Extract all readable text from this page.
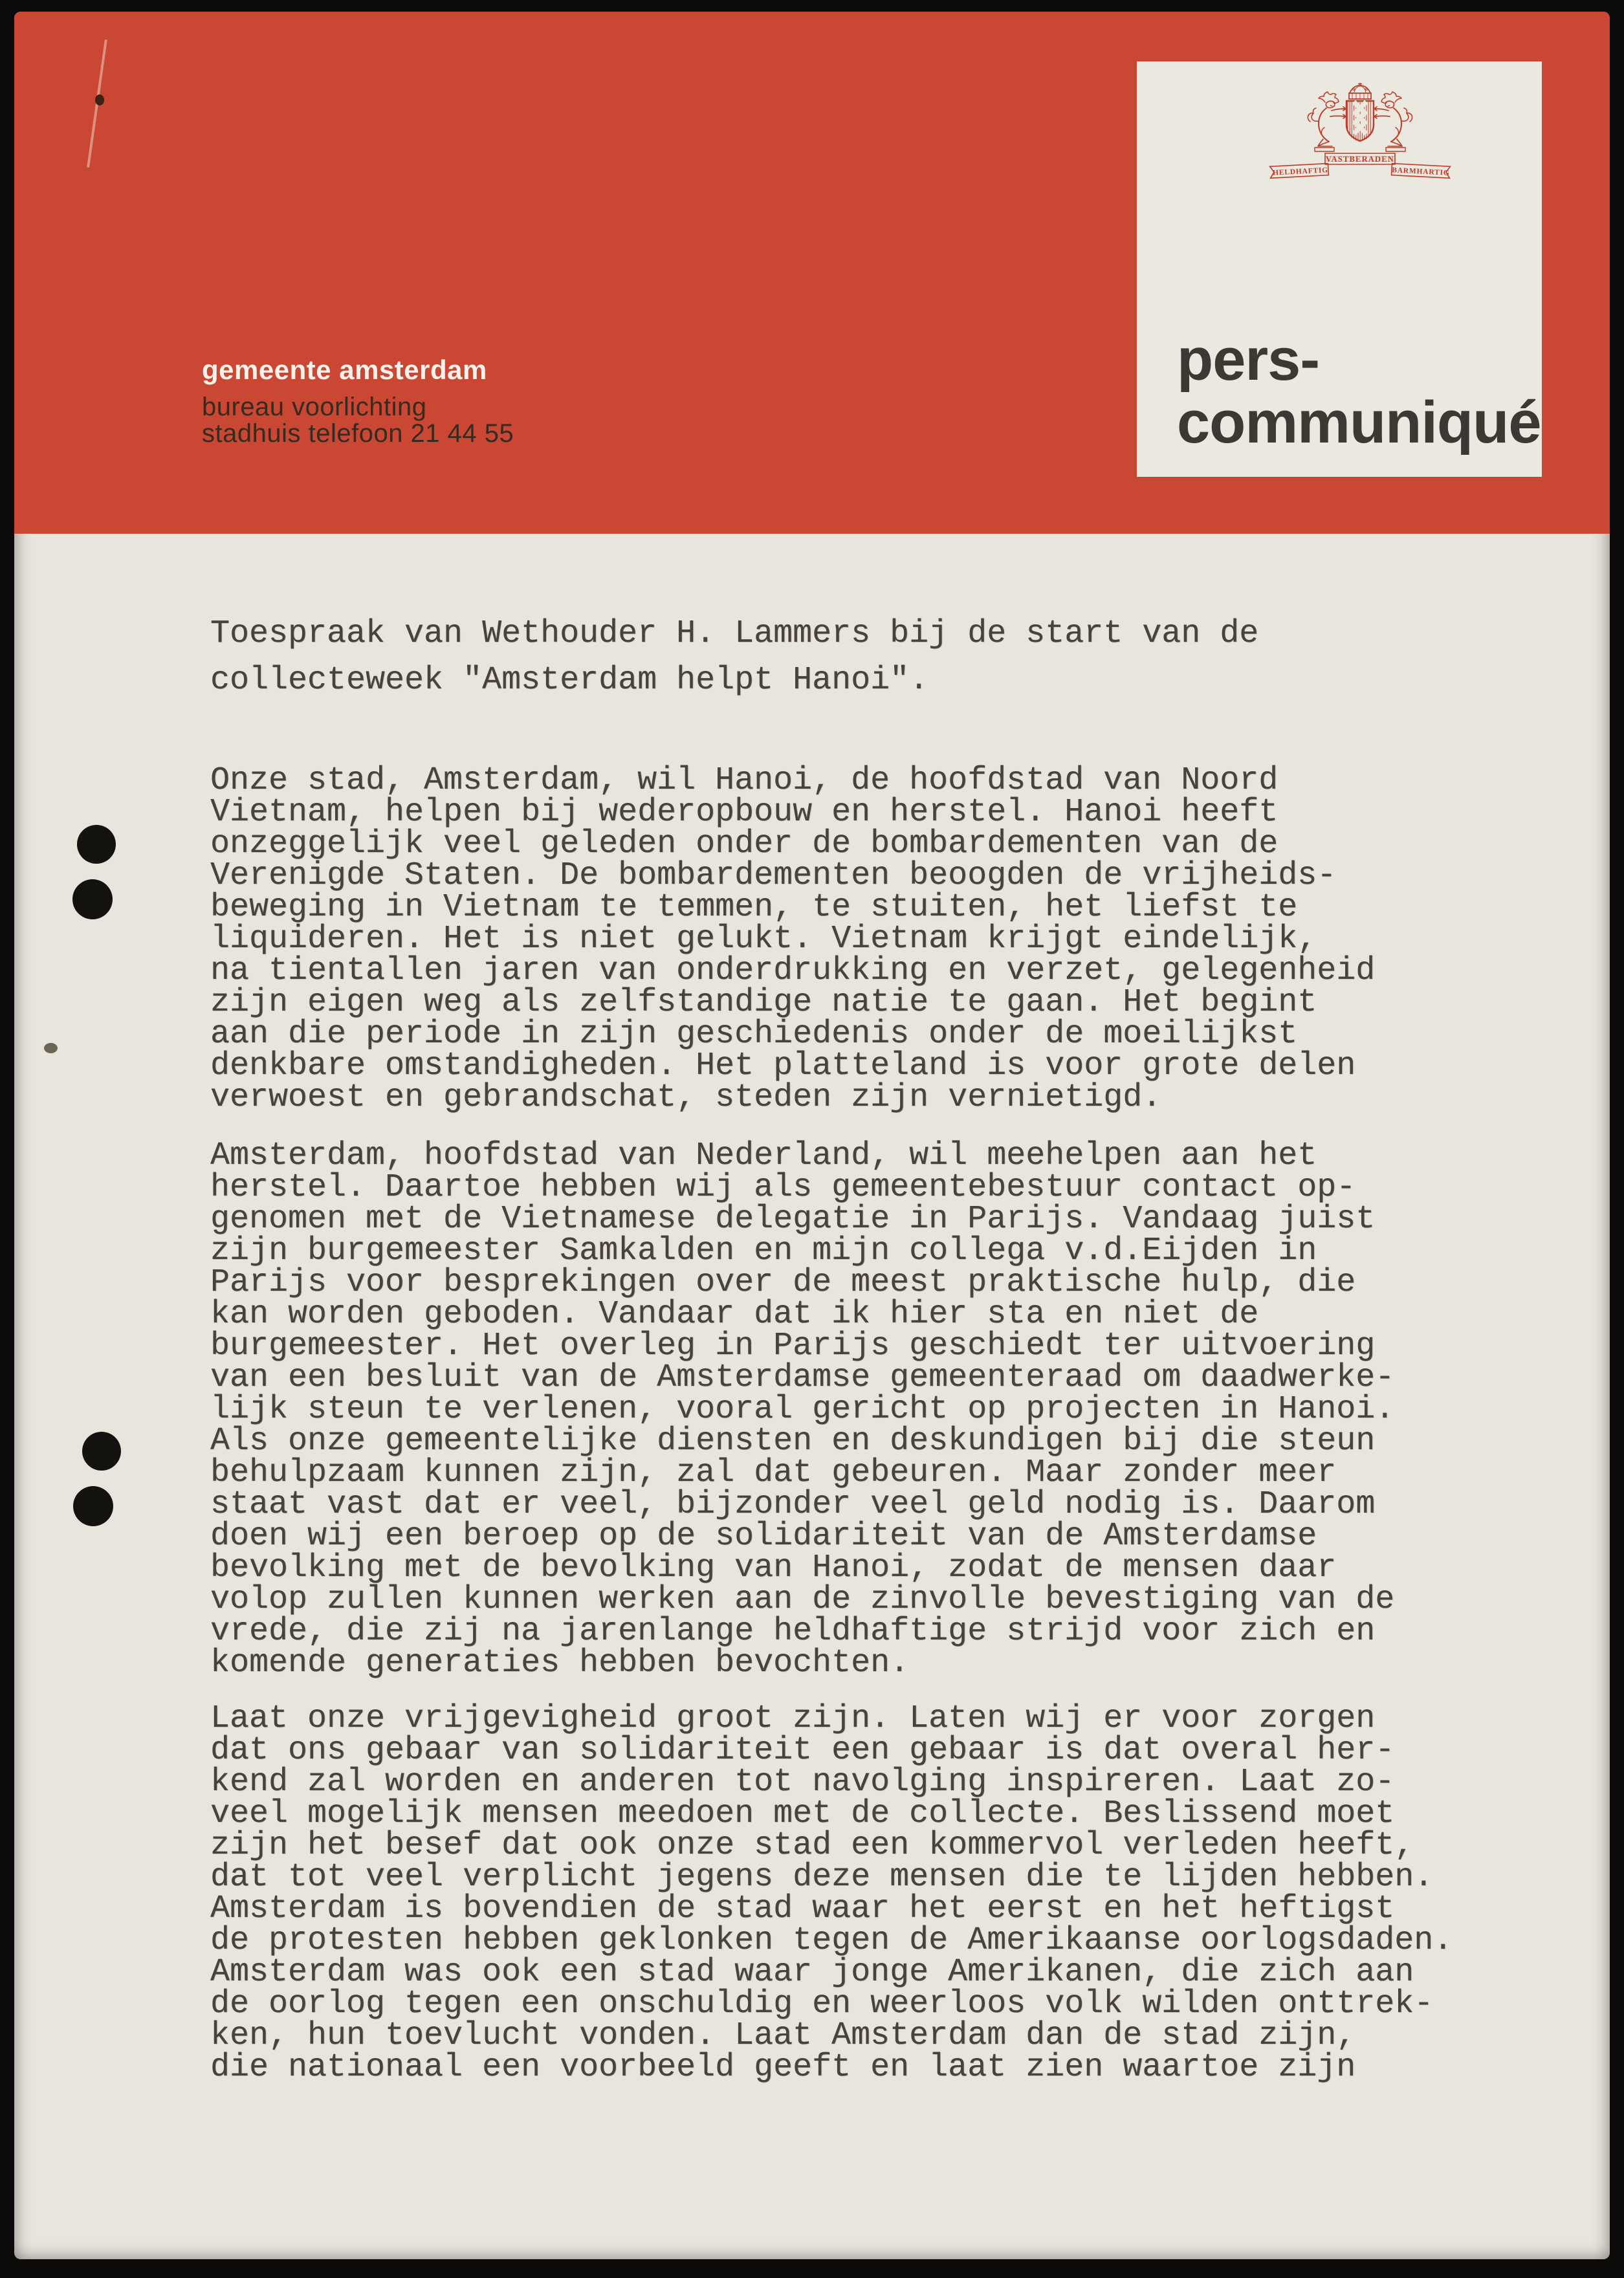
gemeente amsterdam
bureau voorlichting
stadhuis telefoon 21 44 55
VASTBERADEN
HELDHAFTIG	BARMHARTIG
pers-
communiqué
Toespraak van Wethouder H. Lammers bij de start van de
collecteweek "Amsterdam helpt Hanoi".
Onze stad, Amsterdam, wil Hanoi, de hoofdstad van Noord
Vietnam, helpen bij wederopbouw en herstel. Hanoi heeft
onzeggelijk veel geleden onder de bombardementen van de
Verenigde Staten. De bombardementen beoogden de vrijheids-
beweging in Vietnam te temmen, te stuiten, het liefst te
liquideren. Het is niet gelukt. Vietnam krijgt eindelijk,
na tientallen jaren van onderdrukking en verzet, gelegenheid
zijn eigen weg als zelfstandige natie te gaan. Het begint
aan die periode in zijn geschiedenis onder de moeilijkst
denkbare omstandigheden. Het platteland is voor grote delen
verwoest en gebrandschat, steden zijn vernietigd.
Amsterdam, hoofdstad van Nederland, wil meehelpen aan het
herstel. Daartoe hebben wij als gemeentebestuur contact op-
genomen met de Vietnamese delegatie in Parijs. Vandaag juist
zijn burgemeester Samkalden en mijn collega v.d.Eijden in
Parijs voor besprekingen over de meest praktische hulp, die
kan worden geboden. Vandaar dat ik hier sta en niet de
burgemeester. Het overleg in Parijs geschiedt ter uitvoering
van een besluit van de Amsterdamse gemeenteraad om daadwerke-
lijk steun te verlenen, vooral gericht op projecten in Hanoi.
Als onze gemeentelijke diensten en deskundigen bij die steun
behulpzaam kunnen zijn, zal dat gebeuren. Maar zonder meer
staat vast dat er veel, bijzonder veel geld nodig is. Daarom
doen wij een beroep op de solidariteit van de Amsterdamse
bevolking met de bevolking van Hanoi, zodat de mensen daar
volop zullen kunnen werken aan de zinvolle bevestiging van de
vrede, die zij na jarenlange heldhaftige strijd voor zich en
komende generaties hebben bevochten.
Laat onze vrijgevigheid groot zijn. Laten wij er voor zorgen
dat ons gebaar van solidariteit een gebaar is dat overal her-
kend zal worden en anderen tot navolging inspireren. Laat zo-
veel mogelijk mensen meedoen met de collecte. Beslissend moet
zijn het besef dat ook onze stad een kommervol verleden heeft,
dat tot veel verplicht jegens deze mensen die te lijden hebben.
Amsterdam is bovendien de stad waar het eerst en het heftigst
de protesten hebben geklonken tegen de Amerikaanse oorlogsdaden.
Amsterdam was ook een stad waar jonge Amerikanen, die zich aan
de oorlog tegen een onschuldig en weerloos volk wilden onttrek-
ken, hun toevlucht vonden. Laat Amsterdam dan de stad zijn,
die nationaal een voorbeeld geeft en laat zien waartoe zijn
